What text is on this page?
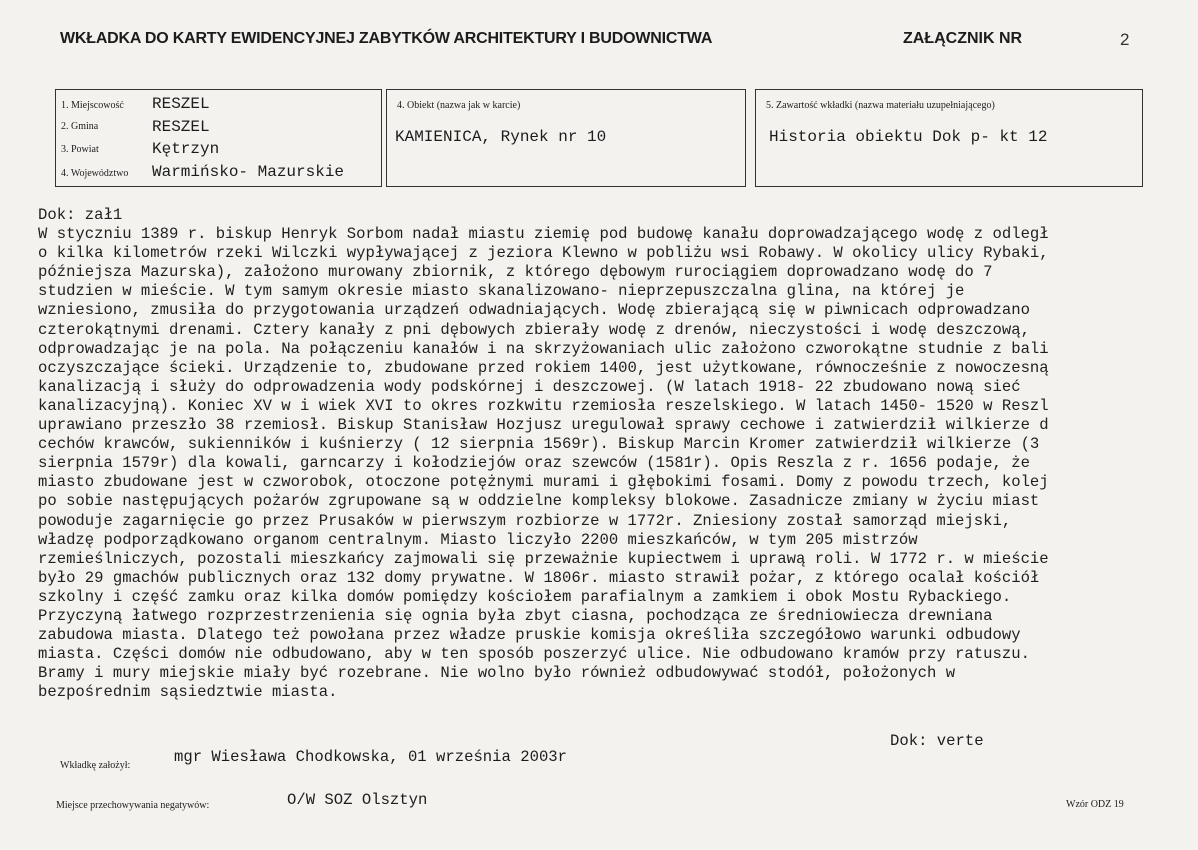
WKŁADKA DO KARTY EWIDENCYJNEJ ZABYTKÓW ARCHITEKTURY I BUDOWNICTWA	ZAŁĄCZNIK NR	2
1. Miejscowość RESZEL
2. Gmina	RESZEL
3. Powiat	Kętrzyn
4. Województwo Warmińsko- Mazurskie
4. Obiekt (nazwa jak w karcie)
KAMIENICA, Rynek nr 10
5. Zawartość wkładki (nazwa materiału uzupełniającego)
Historia obiektu Dok p- kt 12
Dok: zał1
W styczniu 1389 r. biskup Henryk Sorbom nadał miastu ziemię pod budowę kanału doprowadzającego wodę z odległ
o kilka kilometrów rzeki Wilczki wypływającej z jeziora Klewno w pobliżu wsi Robawy. W okolicy ulicy Rybaki,
późniejsza Mazurska), założono murowany zbiornik, z którego dębowym rurociągiem doprowadzano wodę do 7
studzien w mieście. W tym samym okresie miasto skanalizowano- nieprzepuszczalna glina, na której je
wzniesiono, zmusiła do przygotowania urządzeń odwadniających. Wodę zbierającą się w piwnicach odprowadzano
czterokątnymi drenami. Cztery kanały z pni dębowych zbierały wodę z drenów, nieczystości i wodę deszczową,
odprowadzając je na pola. Na połączeniu kanałów i na skrzyżowaniach ulic założono czworokątne studnie z bali
oczyszczające ścieki. Urządzenie to, zbudowane przed rokiem 1400, jest użytkowane, równocześnie z nowoczesną
kanalizacją i służy do odprowadzenia wody podskórnej i deszczowej. (W latach 1918- 22 zbudowano nową sieć
kanalizacyjną). Koniec XV w i wiek XVI to okres rozkwitu rzemiosła reszelskiego. W latach 1450- 1520 w Reszl
uprawiano przeszło 38 rzemiosł. Biskup Stanisław Hozjusz uregulował sprawy cechowe i zatwierdził wilkierze d
cechów krawców, sukienników i kuśnierzy ( 12 sierpnia 1569r). Biskup Marcin Kromer zatwierdził wilkierze (3
sierpnia 1579r) dla kowali, garncarzy i kołodziejów oraz szewców (1581r). Opis Reszla z r. 1656 podaje, że
miasto zbudowane jest w czworobok, otoczone potężnymi murami i głębokimi fosami. Domy z powodu trzech, kolej
po sobie następujących pożarów zgrupowane są w oddzielne kompleksy blokowe. Zasadnicze zmiany w życiu miast
powoduje zagarnięcie go przez Prusaków w pierwszym rozbiorze w 1772r. Zniesiony został samorząd miejski,
władzę podporządkowano organom centralnym. Miasto liczyło 2200 mieszkańców, w tym 205 mistrzów
rzemieślniczych, pozostali mieszkańcy zajmowali się przeważnie kupiectwem i uprawą roli. W 1772 r. w mieście
było 29 gmachów publicznych oraz 132 domy prywatne. W 1806r. miasto strawił pożar, z którego ocalał kościół
szkolny i część zamku oraz kilka domów pomiędzy kościołem parafialnym a zamkiem i obok Mostu Rybackiego.
Przyczyną łatwego rozprzestrzenienia się ognia była zbyt ciasna, pochodząca ze średniowiecza drewniana
zabudowa miasta. Dlatego też powołana przez władze pruskie komisja określiła szczegółowo warunki odbudowy
miasta. Części domów nie odbudowano, aby w ten sposób poszerzyć ulice. Nie odbudowano kramów przy ratuszu.
Bramy i mury miejskie miały być rozebrane. Nie wolno było również odbudowywać stodół, położonych w
bezpośrednim sąsiedztwie miasta.
Dok: verte
Wkładkę założył:	mgr Wiesława Chodkowska, 01 września 2003r
Miejsce przechowywania negatywów:	O/W SOZ Olsztyn	Wzór ODZ 19
